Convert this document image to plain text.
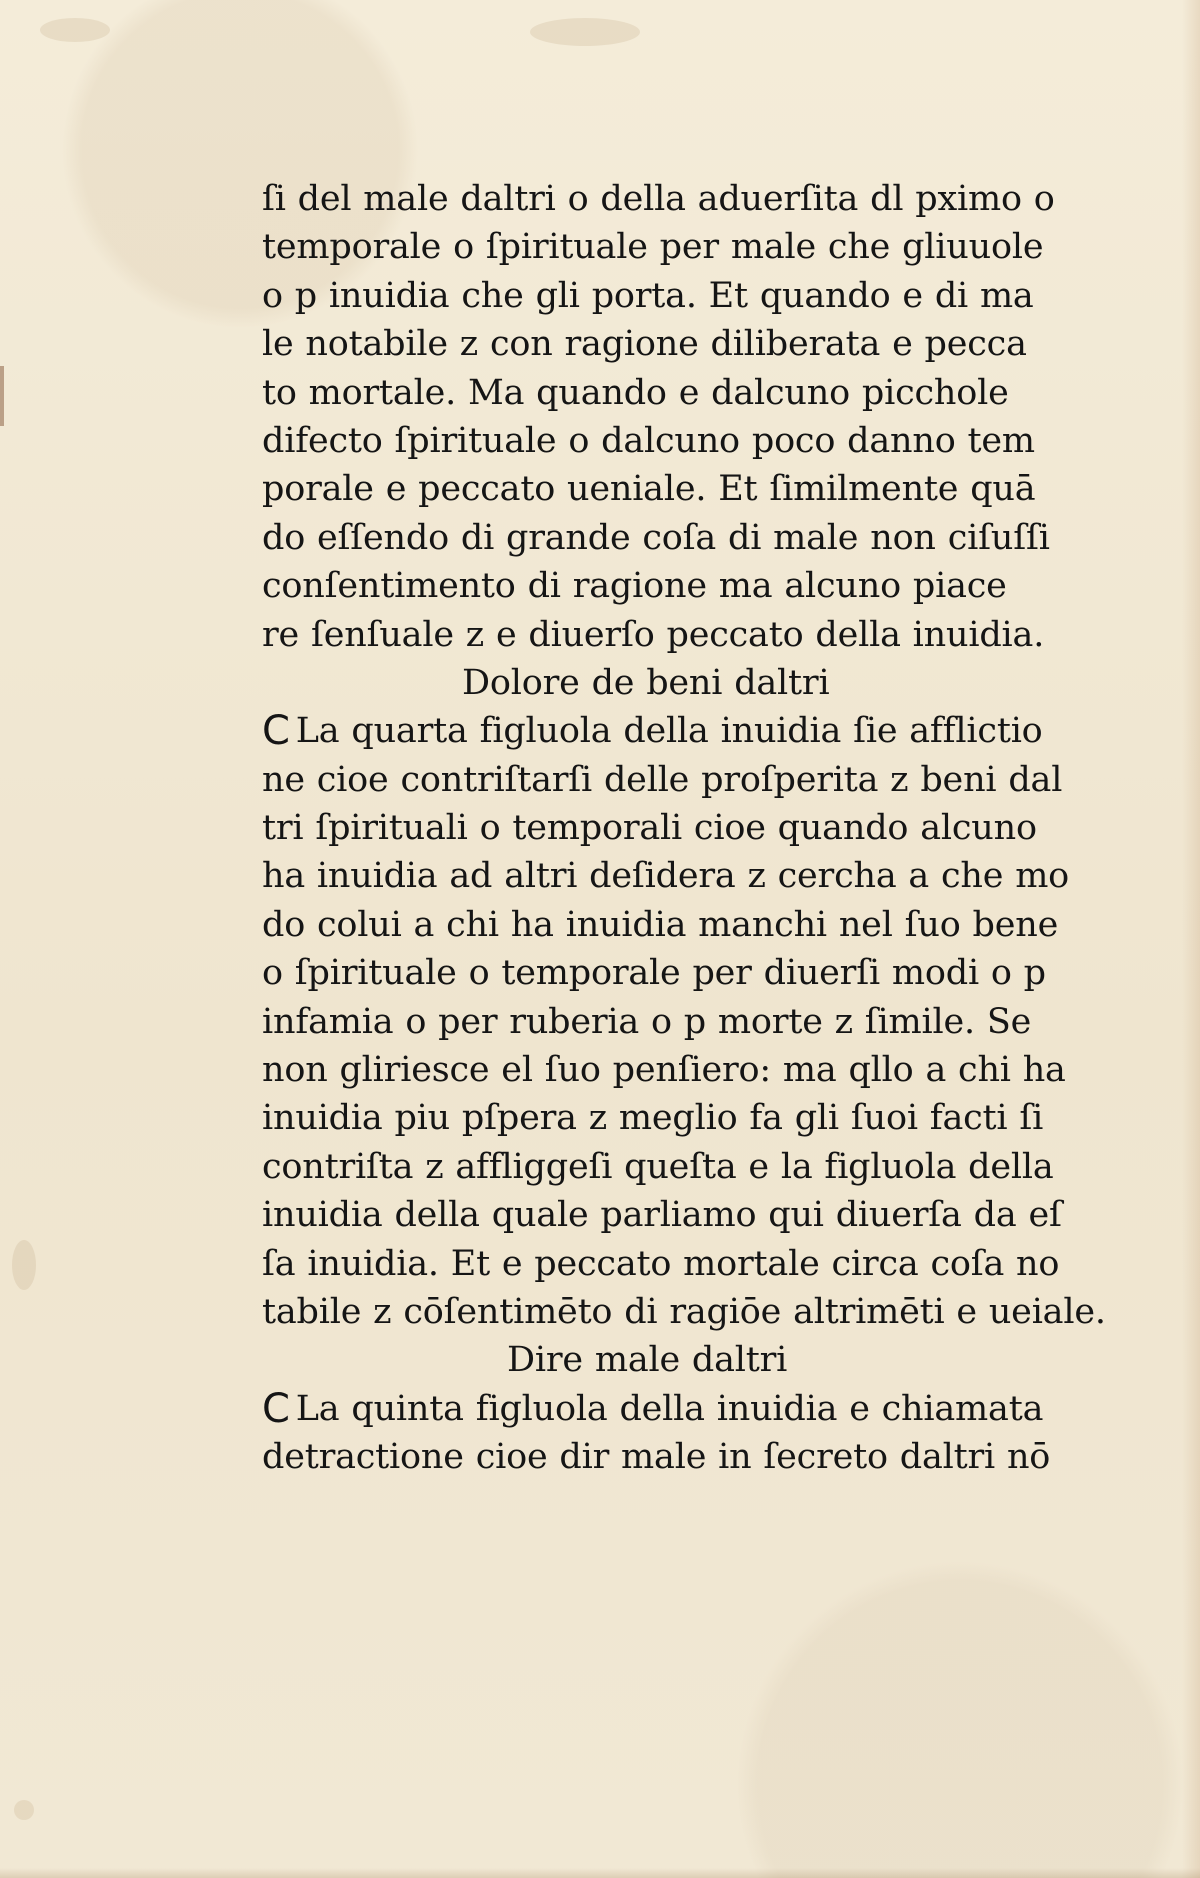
ſi del male daltri o della aduerſita dl pximo o
temporale o ſpirituale per male che gliuuole
o p inuidia che gli porta. Et quando e di ma
le notabile z con ragione diliberata e pecca
to mortale. Ma quando e dalcuno picchole
difecto ſpirituale o dalcuno poco danno tem
porale e peccato ueniale. Et ſimilmente quā
do eſſendo di grande coſa di male non ciſuſſi
conſentimento di ragione ma alcuno piace
re ſenſuale z e diuerſo peccato della inuidia.
Dolore de beni daltri
C La quarta figluola della inuidia ſie afflictio
ne cioe contriſtarſi delle proſperita z beni dal
tri ſpirituali o temporali cioe quando alcuno
ha inuidia ad altri deſidera z cercha a che mo
do colui a chi ha inuidia manchi nel ſuo bene
o ſpirituale o temporale per diuerſi modi o p
infamia o per ruberia o p morte z ſimile. Se
non gliriesce el ſuo penſiero: ma qllo a chi ha
inuidia piu pſpera z meglio fa gli ſuoi facti ſi
contriſta z affliggeſi queſta e la figluola della
inuidia della quale parliamo qui diuerſa da eſ
ſa inuidia. Et e peccato mortale circa coſa no
tabile z cōſentimēto di ragiōe altrimēti e ueiale.
Dire male daltri
C La quinta figluola della inuidia e chiamata
detractione cioe dir male in ſecreto daltri nō
